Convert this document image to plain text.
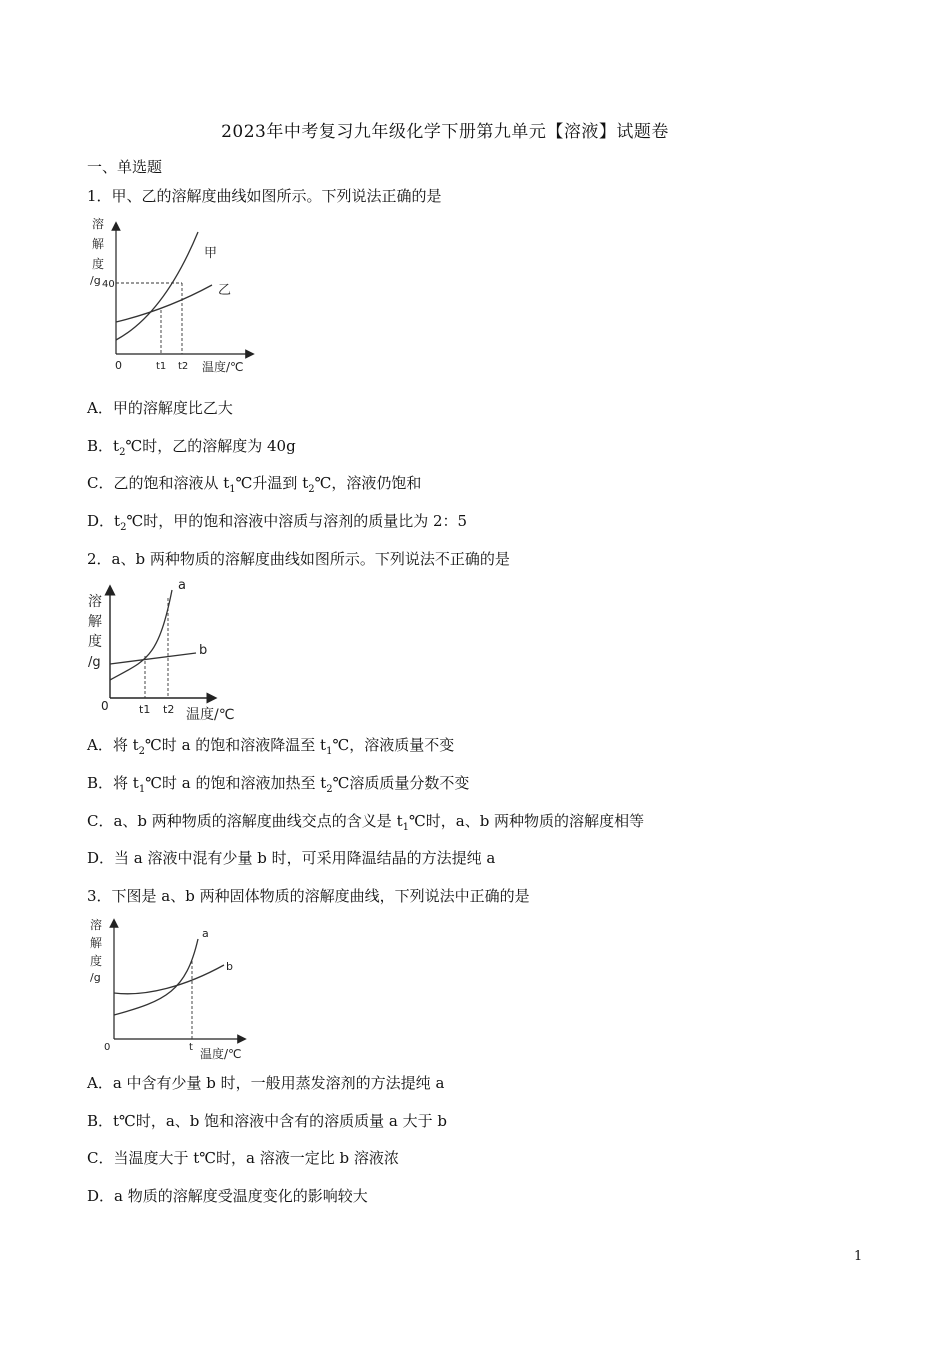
2023年中考复习九年级化学下册第九单元【溶液】试题卷
一、单选题
1．甲、乙的溶解度曲线如图所示。下列说法正确的是
溶
解
度
/g 40
甲
乙
0	t1 t2 温度/℃
A．甲的溶解度比乙大
B．$t_2℃$时，乙的溶解度为 40g
C．乙的饱和溶液从 $t_1℃$升温到 $t_2℃$，溶液仍饱和
D．$t_2℃$时，甲的饱和溶液中溶质与溶剂的质量比为 2：5
2．a、b 两种物质的溶解度曲线如图所示。下列说法不正确的是
溶
解
度
/g
a
b
0	t1 t2 温度/℃
A．将 $t_2℃$时 a 的饱和溶液降温至 $t_1℃$，溶液质量不变
B．将 $t_1℃$时 a 的饱和溶液加热至 $t_2℃$溶质质量分数不变
C．a、b 两种物质的溶解度曲线交点的含义是 $t_1℃$时，a、b 两种物质的溶解度相等
D．当 a 溶液中混有少量 b 时，可采用降温结晶的方法提纯 a
3．下图是 a、b 两种固体物质的溶解度曲线，下列说法中正确的是
溶
解
度
/g
a
b
0	t 温度/℃
A．a 中含有少量 b 时，一般用蒸发溶剂的方法提纯 a
B．t℃时，a、b 饱和溶液中含有的溶质质量 a 大于 b
C．当温度大于 t℃时，a 溶液一定比 b 溶液浓
D．a 物质的溶解度受温度变化的影响较大
1
